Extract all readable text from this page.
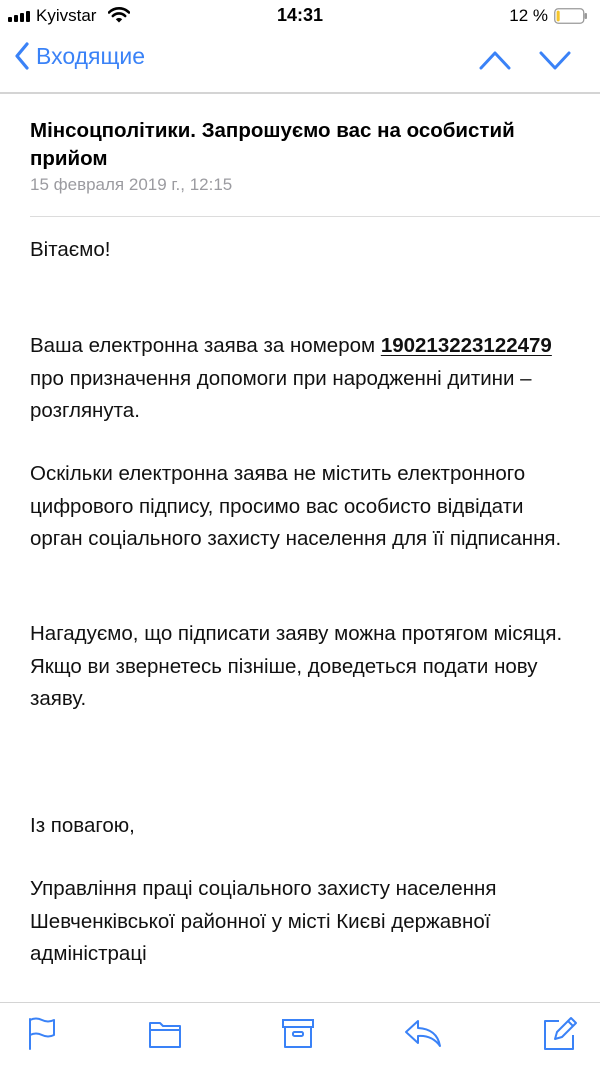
Kyivstar	14:31	12 %
Входящие
Мінсоцполітики. Запрошуємо вас на особистий прийом
15 февраля 2019 г., 12:15
Вітаємо!
Ваша електронна заява за номером 190213223122479 про призначення допомоги при народженні дитини – розглянута.
Оскільки електронна заява не містить електронного цифрового підпису, просимо вас особисто відвідати орган соціального захисту населення для її підписання.
Нагадуємо, що підписати заяву можна протягом місяця. Якщо ви звернетесь пізніше, доведеться подати нову заяву.
Із повагою,
Управління праці соціального захисту населення Шевченківської районної у місті Києві державної адміністраці
